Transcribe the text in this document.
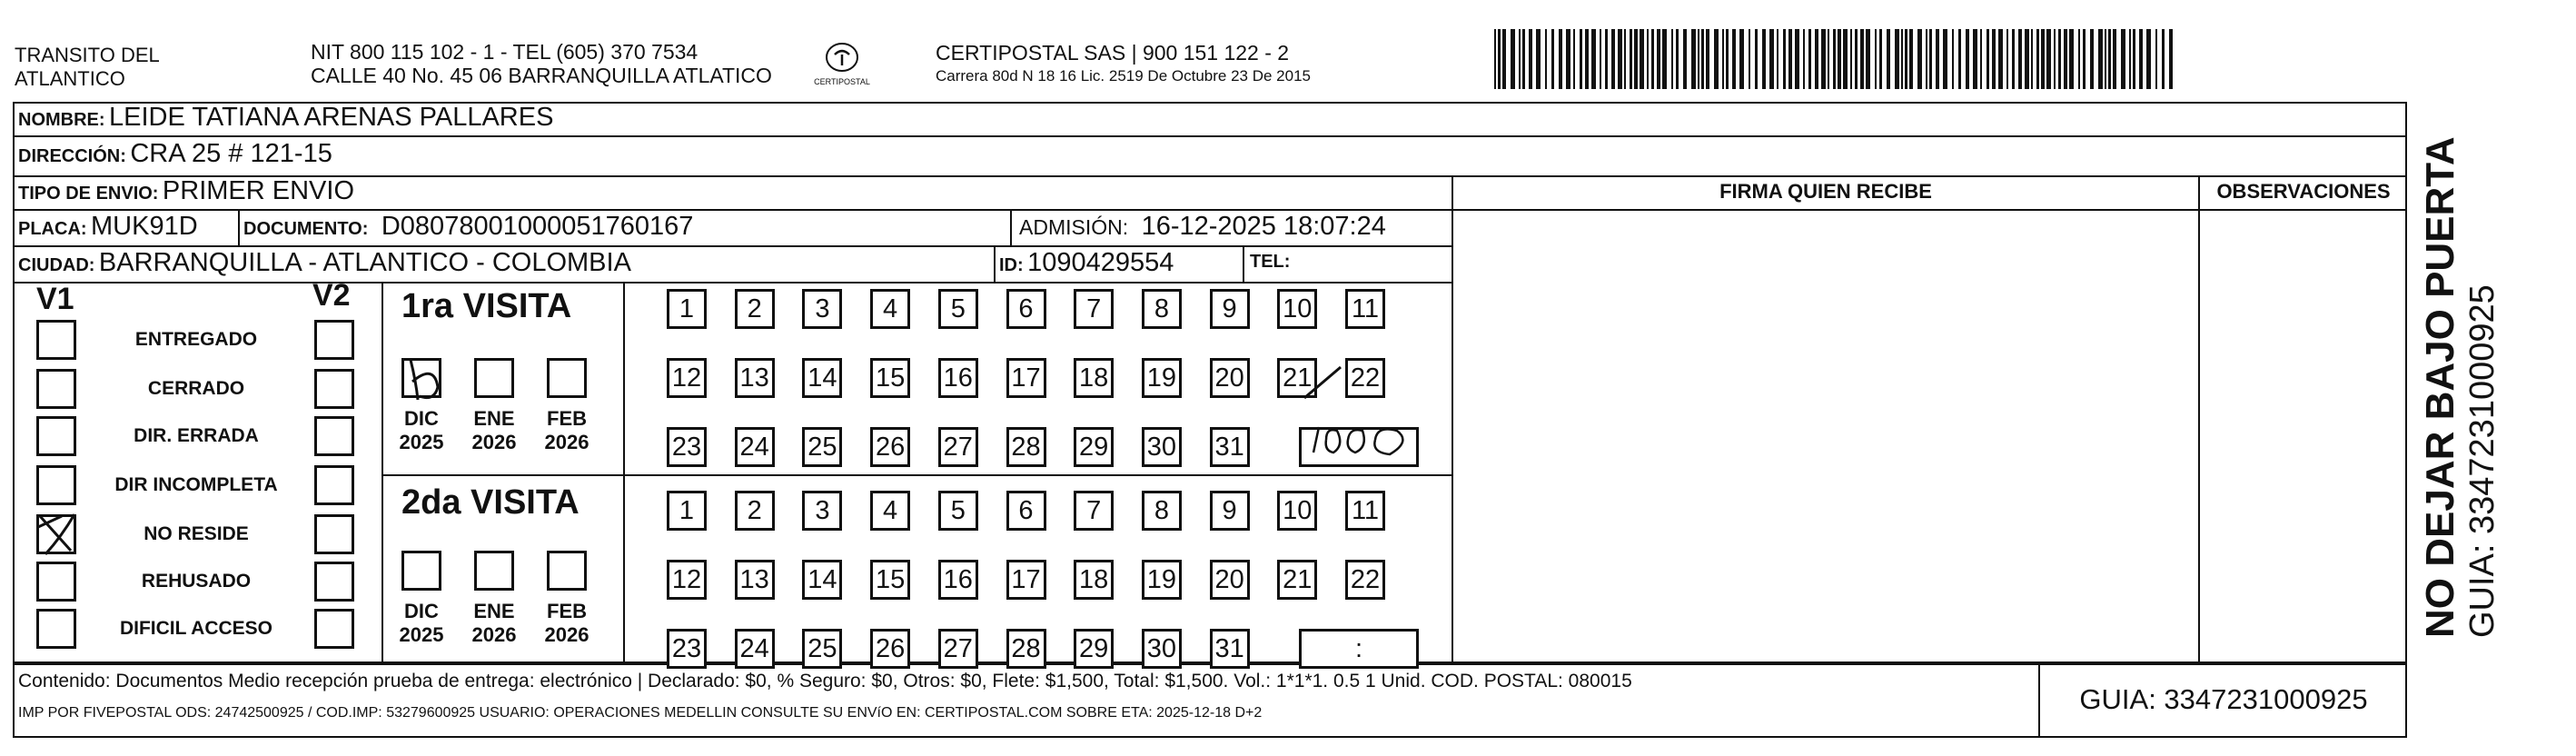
TRANSITO DEL
ATLANTICO
NIT 800 115 102 - 1 - TEL (605) 370 7534
CALLE 40 No. 45 06 BARRANQUILLA ATLATICO	CERTIPOSTAL
CERTIPOSTAL SAS | 900 151 122 - 2
Carrera 80d N 18 16 Lic. 2519 De Octubre 23 De 2015
NOMBRE: LEIDE TATIANA ARENAS PALLARES
DIRECCIÓN: CRA 25 # 121-15
TIPO DE ENVIO: PRIMER ENVIO
PLACA: MUK91D	DOCUMENTO: D08078001000051760167	ADMISIÓN: 16-12-2025 18:07:24
CIUDAD: BARRANQUILLA - ATLANTICO - COLOMBIA	ID: 1090429554	TEL:
FIRMA QUIEN RECIBE	OBSERVACIONES
V1	V2
ENTREGADO
CERRADO
DIR. ERRADA
DIR INCOMPLETA
NO RESIDE
REHUSADO
DIFICIL ACCESO
1ra VISITA
DIC
2025
ENE
2026
FEB
2026
1	2	3	4	5	6	7	8	9	10 11
12 13 14 15 16 17 18 19 20 21 22
23 24 25 26 27 28 29 30 31
2da VISITA
DIC
2025
ENE
2026
FEB
2026
1	2	3	4	5	6	7	8	9	10 11
12 13 14 15 16 17 18 19 20 21 22
23 24 25 26 27 28 29 30 31	:
NO DEJAR BAJO PUERTA GUIA: 3347231000925
Contenido: Documentos Medio recepción prueba de entrega: electrónico | Declarado: $0, % Seguro: $0, Otros: $0, Flete: $1,500, Total: $1,500. Vol.: 1*1*1. 0.5 1 Unid. COD. POSTAL: 080015
IMP POR FIVEPOSTAL ODS: 24742500925 / COD.IMP: 53279600925 USUARIO: OPERACIONES MEDELLIN CONSULTE SU ENVíO EN: CERTIPOSTAL.COM SOBRE ETA: 2025-12-18 D+2	GUIA: 3347231000925
